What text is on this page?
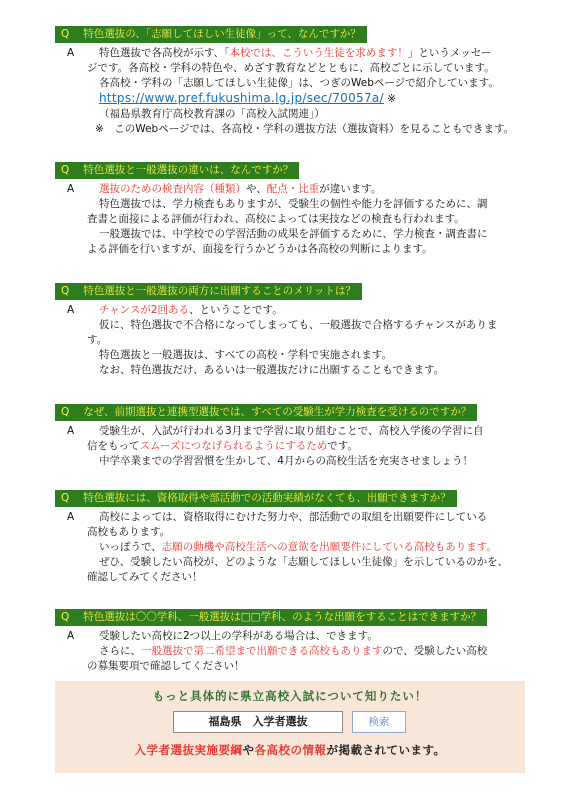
Q 特色選抜の、「志願してほしい生徒像」って、なんですか？
A 特色選抜で各高校が示す、「本校では、こういう生徒を求めます！」というメッセー
ジです。各高校・学科の特色や、めざす教育などとともに、高校ごとに示しています。
各高校・学科の「志願してほしい生徒像」は、つぎのWebページで紹介しています。
https://www.pref.fukushima.lg.jp/sec/70057a/ ※
（福島県教育庁高校教育課の「高校入試関連」）
※　このWebページでは、各高校・学科の選抜方法（選抜資料）を見ることもできます。
Q 特色選抜と一般選抜の違いは、なんですか？
A 選抜のための検査内容（種類）や、配点・比重が違います。
特色選抜では、学力検査もありますが、受験生の個性や能力を評価するために、調
査書と面接による評価が行われ、高校によっては実技などの検査も行われます。
一般選抜では、中学校での学習活動の成果を評価するために、学力検査・調査書に
よる評価を行いますが、面接を行うかどうかは各高校の判断によります。
Q 特色選抜と一般選抜の両方に出願することのメリットは？
A チャンスが2回ある、ということです。
仮に、特色選抜で不合格になってしまっても、一般選抜で合格するチャンスがありま
す。
特色選抜と一般選抜は、すべての高校・学科で実施されます。
なお、特色選抜だけ、あるいは一般選抜だけに出願することもできます。
Q なぜ、前期選抜と連携型選抜では、すべての受験生が学力検査を受けるのですか？
A 受験生が、入試が行われる3月まで学習に取り組むことで、高校入学後の学習に自
信をもってスムーズにつなげられるようにするためです。
中学卒業までの学習習慣を生かして、4月からの高校生活を充実させましょう！
Q 特色選抜には、資格取得や部活動での活動実績がなくても、出願できますか？
A 高校によっては、資格取得にむけた努力や、部活動での取組を出願要件にしている
高校もあります。
いっぽうで、志願の動機や高校生活への意欲を出願要件にしている高校もあります。
ぜひ、受験したい高校が、どのような「志願してほしい生徒像」を示しているのかを、
確認してみてください！
Q 特色選抜は〇〇学科、一般選抜は□□学科、のような出願をすることはできますか？
A 受験したい高校に2つ以上の学科がある場合は、できます。
さらに、一般選抜で第二希望まで出願できる高校もありますので、受験したい高校
の募集要項で確認してください！
もっと具体的に県立高校入試について知りたい！
福島県　入学者選抜	検索
入学者選抜実施要綱や各高校の情報が掲載されています。
